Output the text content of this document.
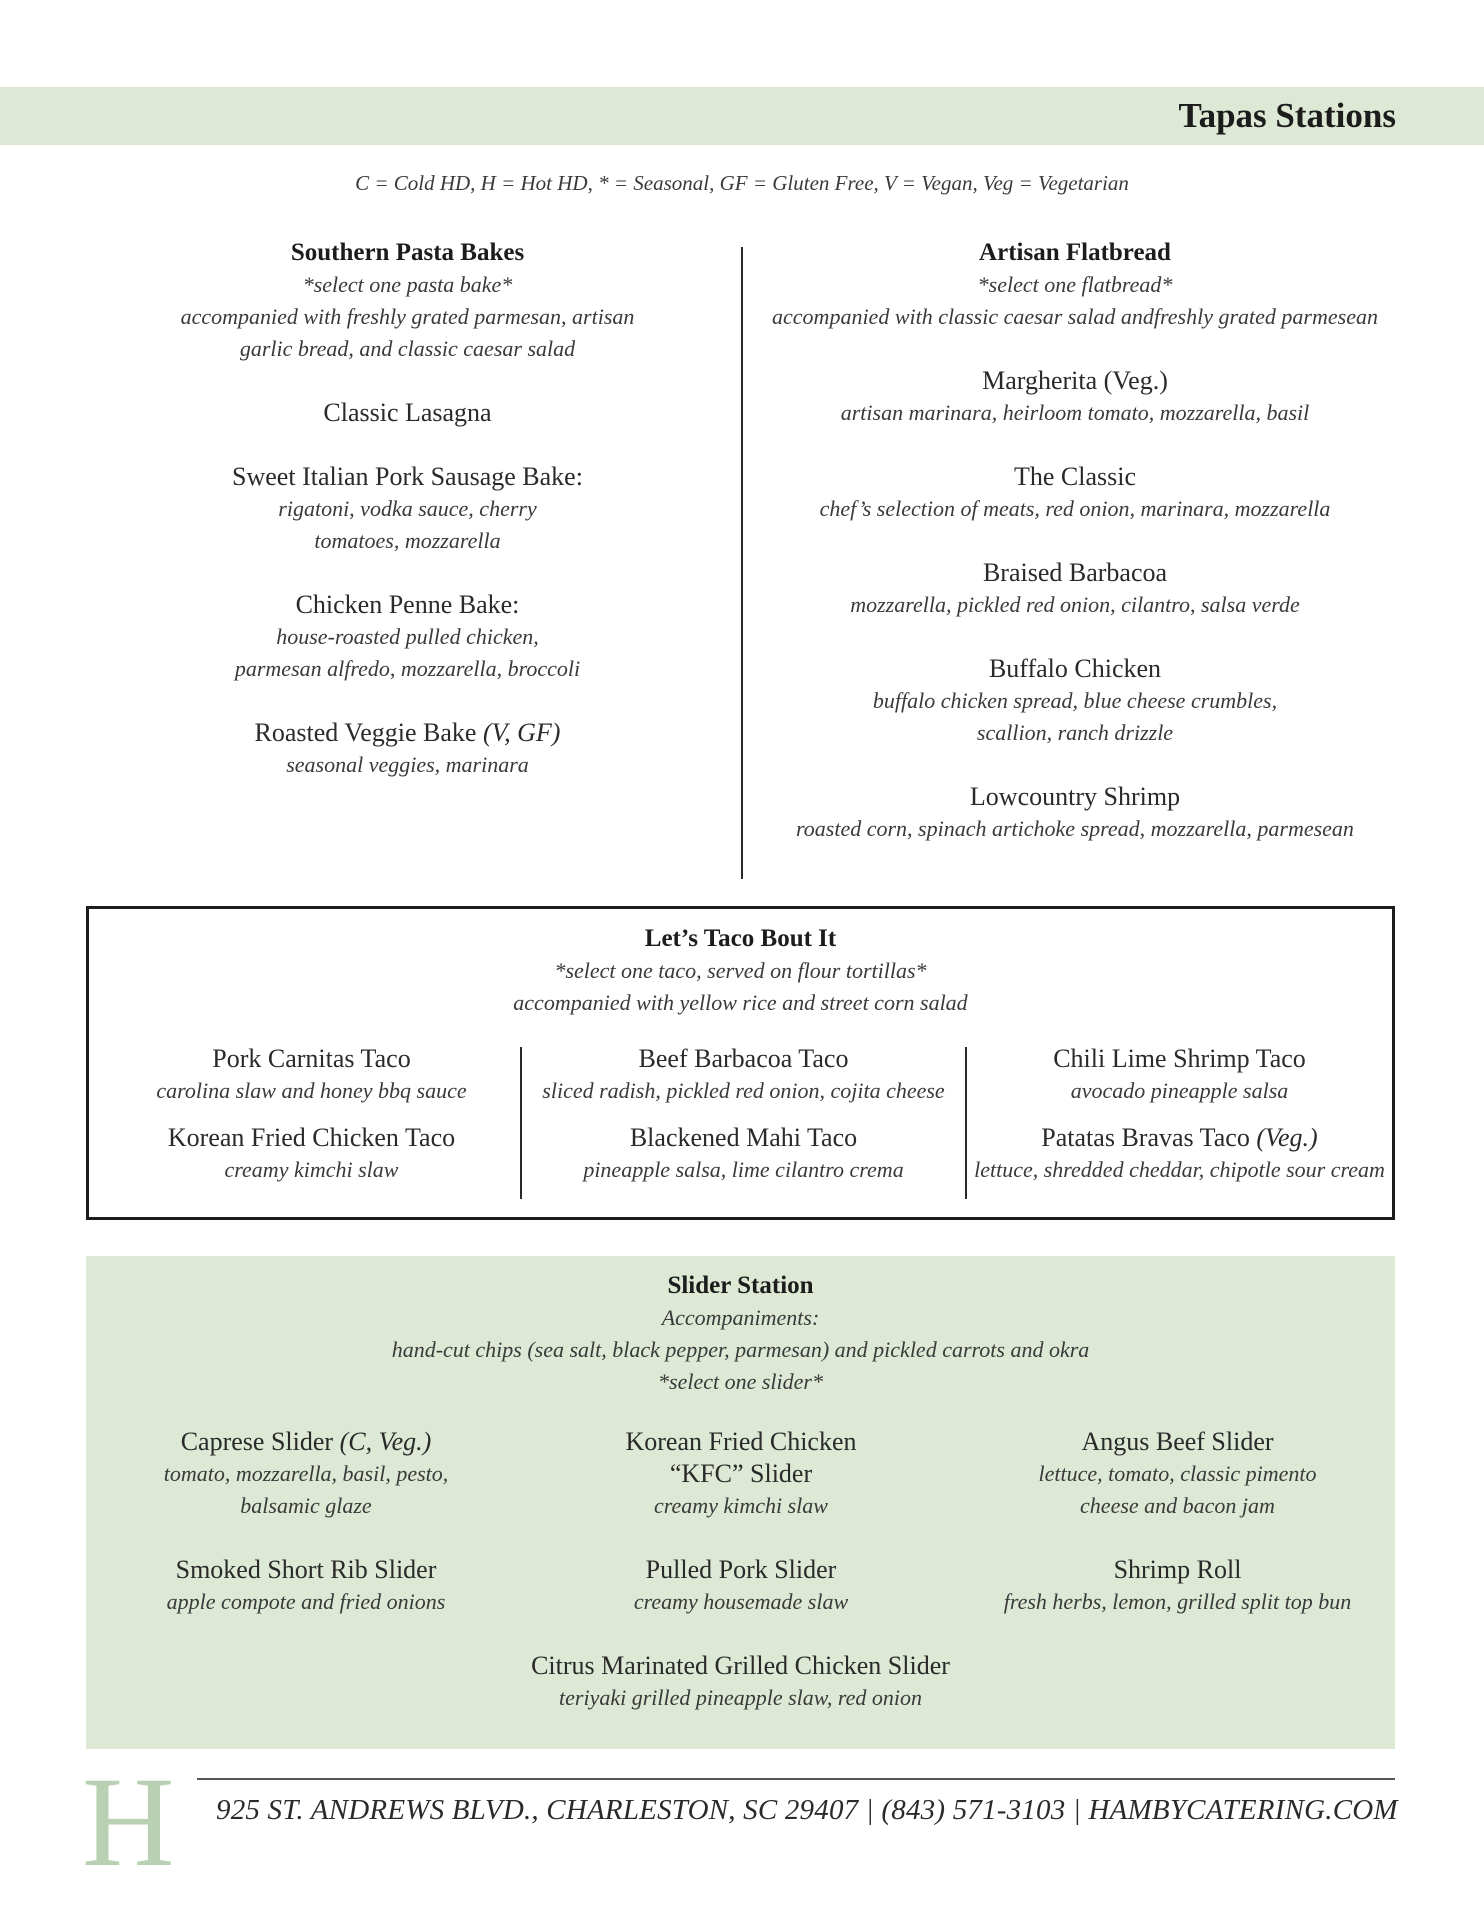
Tapas Stations
C = Cold HD, H = Hot HD, * = Seasonal, GF = Gluten Free, V = Vegan, Veg = Vegetarian
Southern Pasta Bakes
*select one pasta bake*
accompanied with freshly grated parmesan, artisan
garlic bread, and classic caesar salad
Classic Lasagna
Sweet Italian Pork Sausage Bake:
rigatoni, vodka sauce, cherry
tomatoes, mozzarella
Chicken Penne Bake:
house-roasted pulled chicken,
parmesan alfredo, mozzarella, broccoli
Roasted Veggie Bake (V, GF)
seasonal veggies, marinara
Artisan Flatbread
*select one flatbread*
accompanied with classic caesar salad andfreshly grated parmesean
Margherita (Veg.)
artisan marinara, heirloom tomato, mozzarella, basil
The Classic
chef’s selection of meats, red onion, marinara, mozzarella
Braised Barbacoa
mozzarella, pickled red onion, cilantro, salsa verde
Buffalo Chicken
buffalo chicken spread, blue cheese crumbles,
scallion, ranch drizzle
Lowcountry Shrimp
roasted corn, spinach artichoke spread, mozzarella, parmesean
Let’s Taco Bout It
*select one taco, served on flour tortillas*
accompanied with yellow rice and street corn salad
Pork Carnitas Taco
carolina slaw and honey bbq sauce
Korean Fried Chicken Taco
creamy kimchi slaw
Beef Barbacoa Taco
sliced radish, pickled red onion, cojita cheese
Blackened Mahi Taco
pineapple salsa, lime cilantro crema
Chili Lime Shrimp Taco
avocado pineapple salsa
Patatas Bravas Taco (Veg.)
lettuce, shredded cheddar, chipotle sour cream
Slider Station
Accompaniments:
hand-cut chips (sea salt, black pepper, parmesan) and pickled carrots and okra
*select one slider*
Caprese Slider (C, Veg.)
tomato, mozzarella, basil, pesto,
balsamic glaze
Smoked Short Rib Slider
apple compote and fried onions
Korean Fried Chicken
“KFC” Slider
creamy kimchi slaw
Pulled Pork Slider
creamy housemade slaw
Angus Beef Slider
lettuce, tomato, classic pimento
cheese and bacon jam
Shrimp Roll
fresh herbs, lemon, grilled split top bun
Citrus Marinated Grilled Chicken Slider
teriyaki grilled pineapple slaw, red onion
H 925 ST. ANDREWS BLVD., CHARLESTON, SC 29407 | (843) 571-3103 | HAMBYCATERING.COM
